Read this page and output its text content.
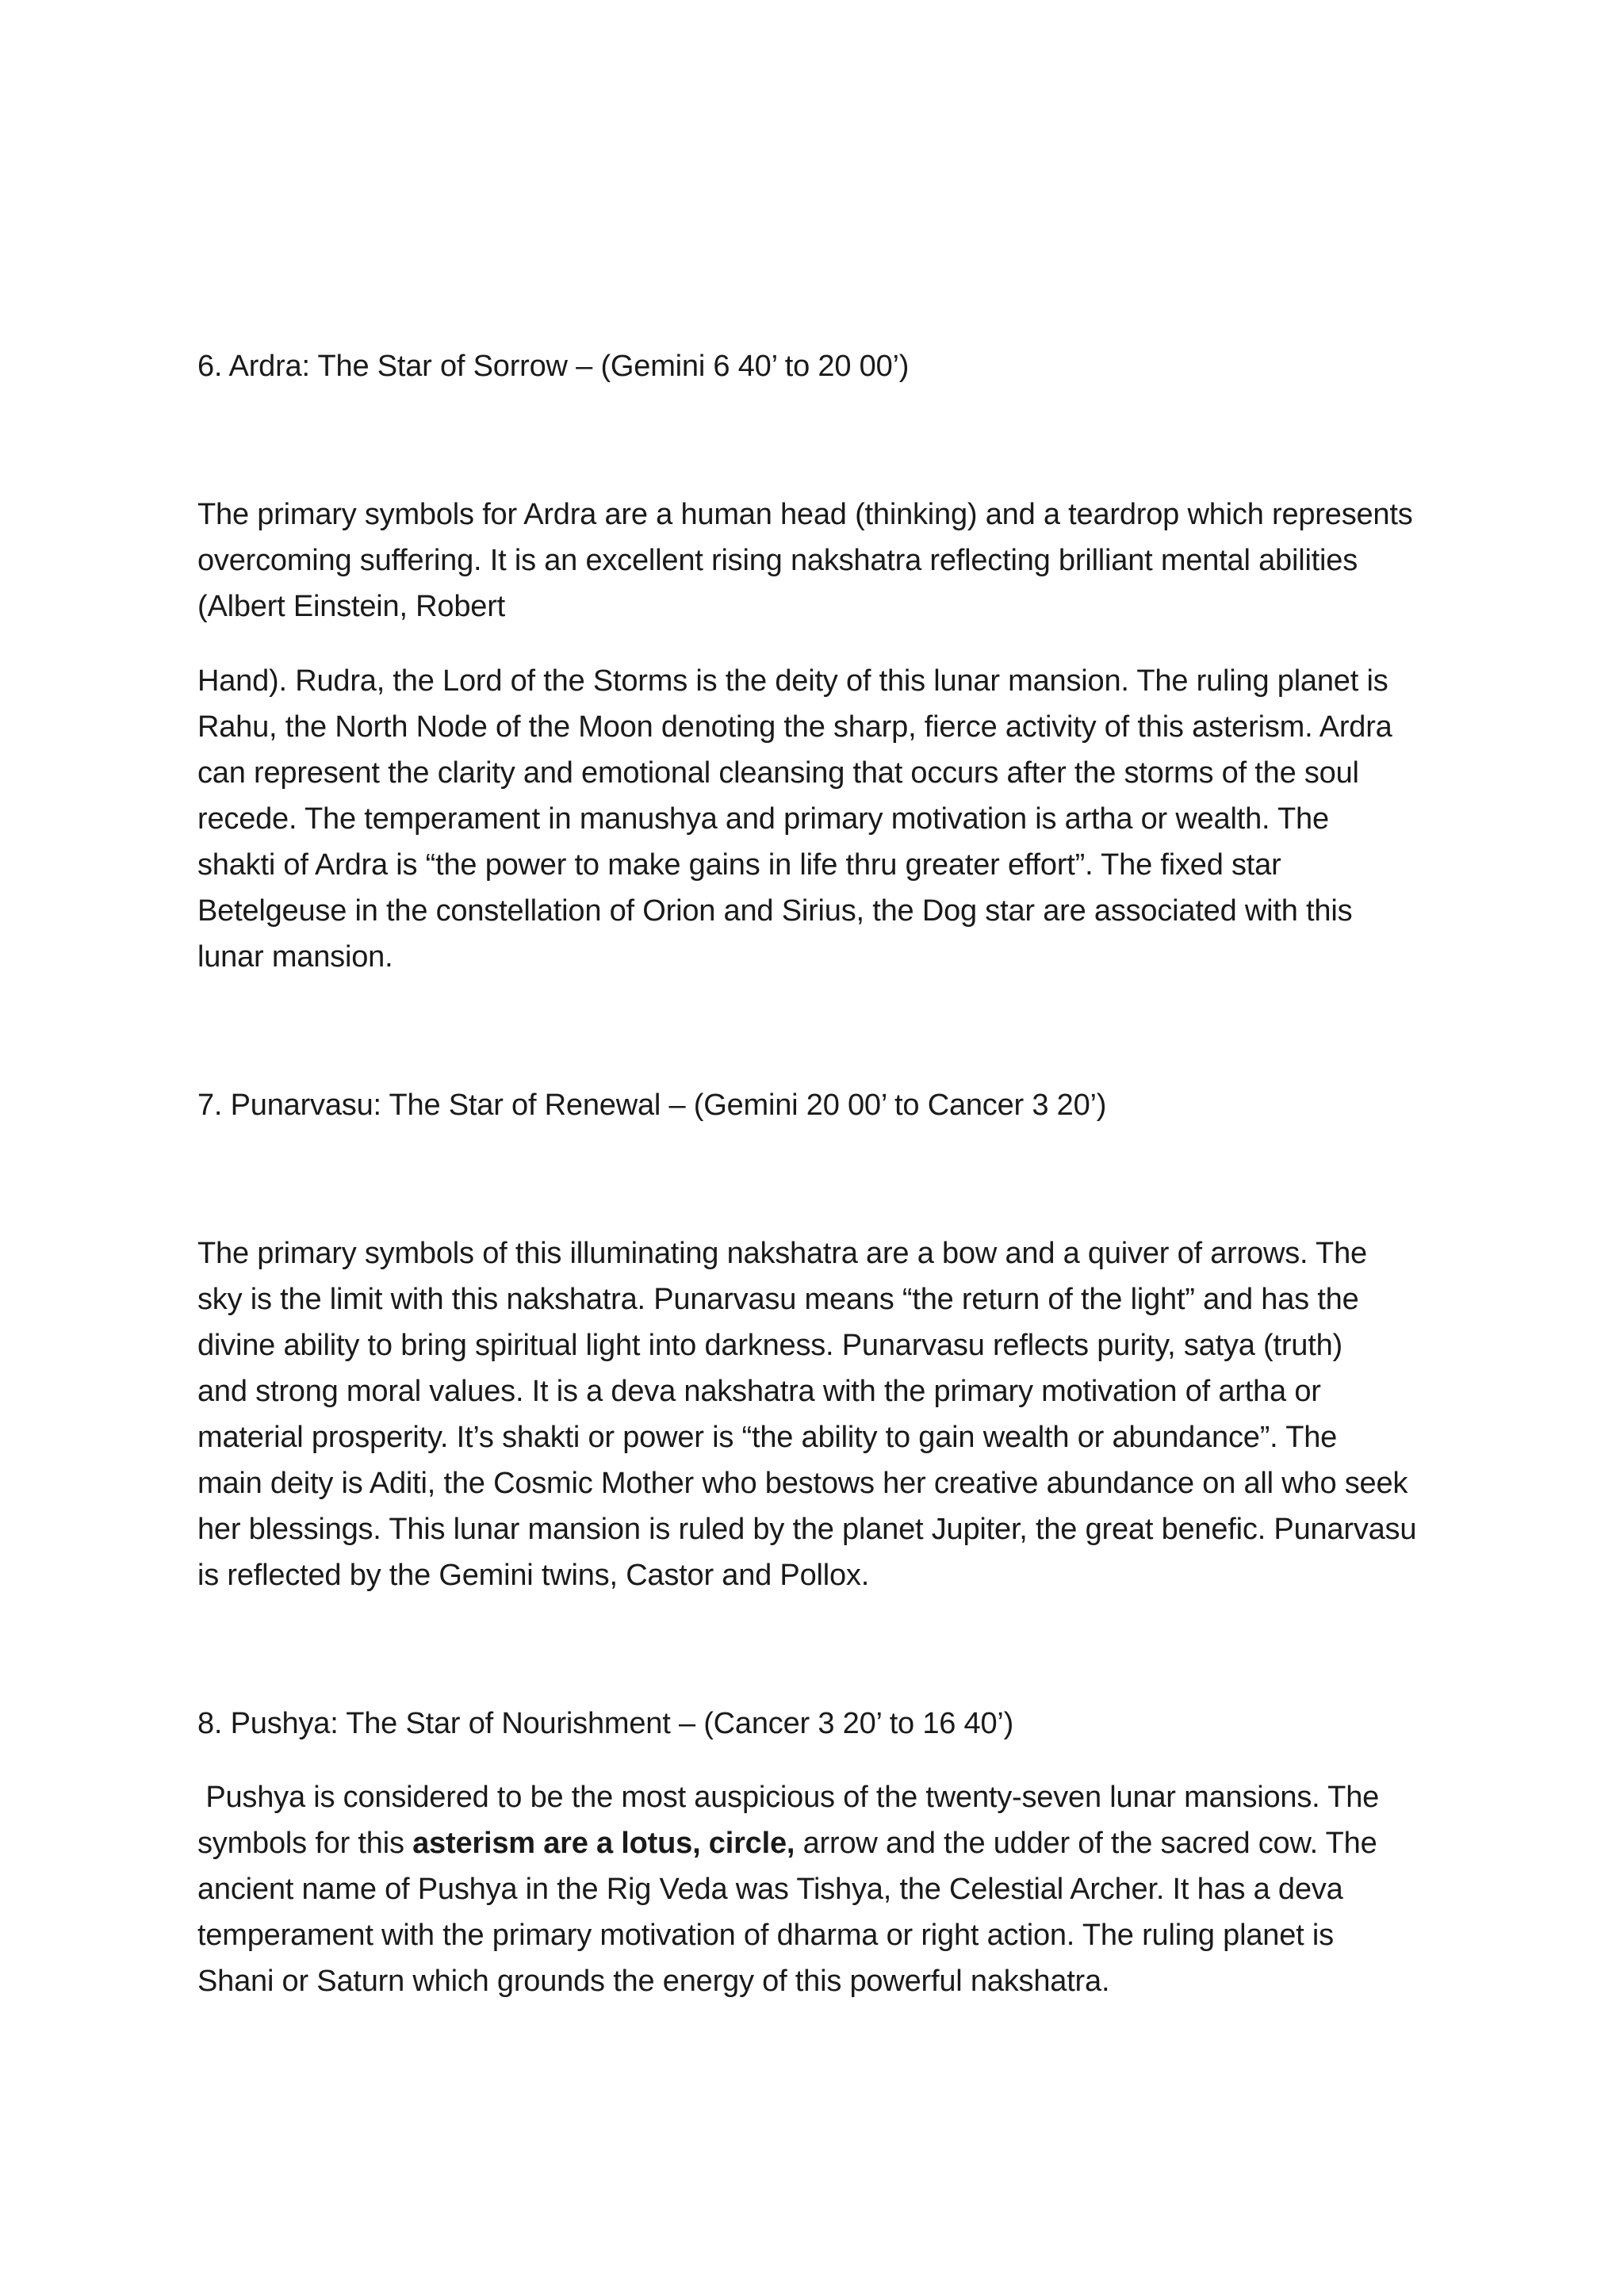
6. Ardra: The Star of Sorrow – (Gemini 6 40’ to 20 00’)

The primary symbols for Ardra are a human head (thinking) and a teardrop which represents

overcoming suffering. It is an excellent rising nakshatra reflecting brilliant mental abilities

(Albert Einstein, Robert

Hand). Rudra, the Lord of the Storms is the deity of this lunar mansion. The ruling planet is

Rahu, the North Node of the Moon denoting the sharp, fierce activity of this asterism. Ardra

can represent the clarity and emotional cleansing that occurs after the storms of the soul

recede. The temperament in manushya and primary motivation is artha or wealth. The

shakti of Ardra is “the power to make gains in life thru greater effort”. The fixed star

Betelgeuse in the constellation of Orion and Sirius, the Dog star are associated with this

lunar mansion.

7. Punarvasu: The Star of Renewal – (Gemini 20 00’ to Cancer 3 20’)

The primary symbols of this illuminating nakshatra are a bow and a quiver of arrows. The

sky is the limit with this nakshatra. Punarvasu means “the return of the light” and has the

divine ability to bring spiritual light into darkness. Punarvasu reflects purity, satya (truth)

and strong moral values. It is a deva nakshatra with the primary motivation of artha or

material prosperity. It’s shakti or power is “the ability to gain wealth or abundance”. The

main deity is Aditi, the Cosmic Mother who bestows her creative abundance on all who seek

her blessings. This lunar mansion is ruled by the planet Jupiter, the great benefic. Punarvasu

is reflected by the Gemini twins, Castor and Pollox.

8. Pushya: The Star of Nourishment – (Cancer 3 20’ to 16 40’)

Pushya is considered to be the most auspicious of the twenty-seven lunar mansions. The

symbols for this asterism are a lotus, circle, arrow and the udder of the sacred cow. The

ancient name of Pushya in the Rig Veda was Tishya, the Celestial Archer. It has a deva

temperament with the primary motivation of dharma or right action. The ruling planet is

Shani or Saturn which grounds the energy of this powerful nakshatra.
